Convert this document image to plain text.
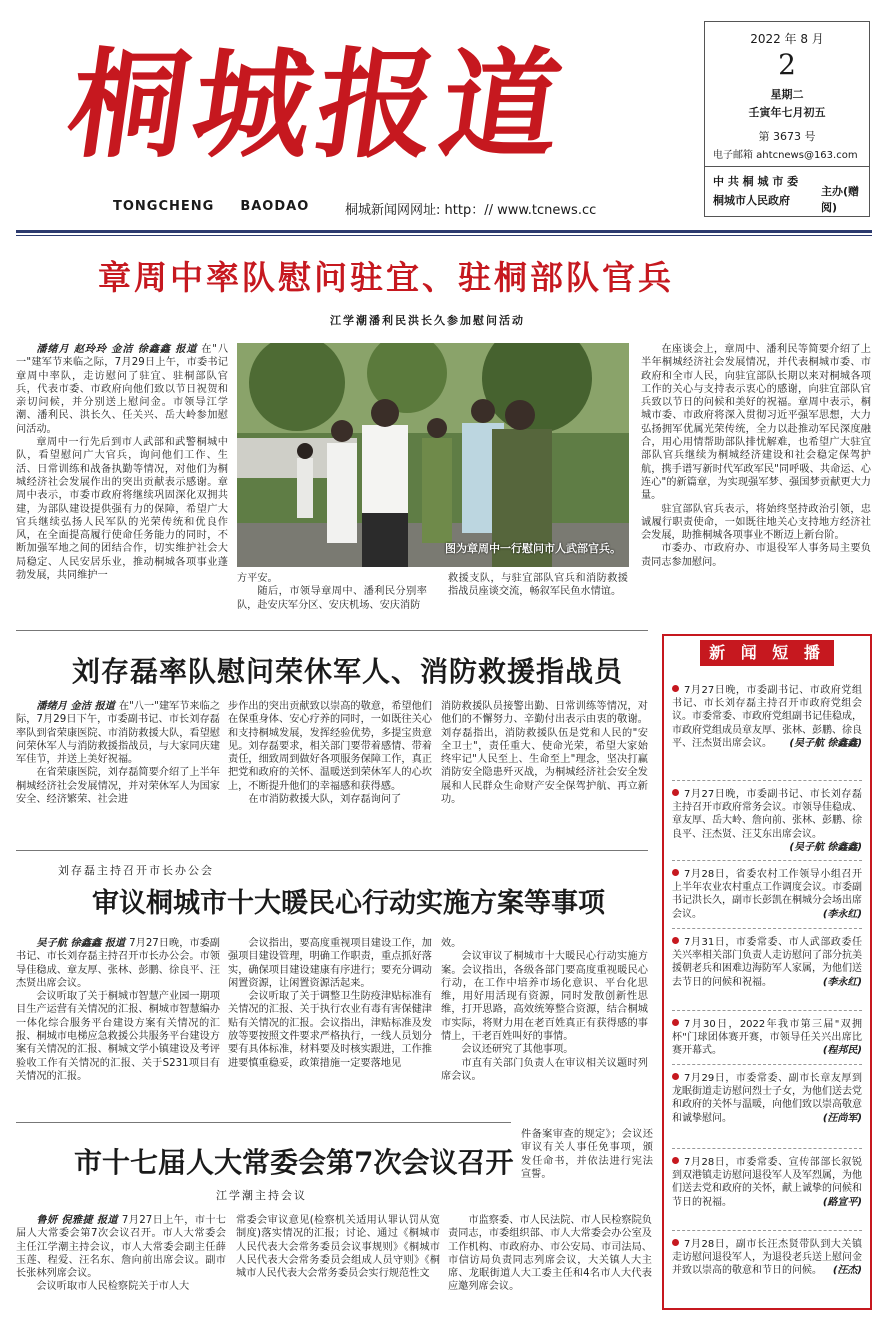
桐城报道
TONGCHENG BAODAO	桐城新闻网网址: http：// www.tcnews.cc
2022 年 8 月
2
星期二
壬寅年七月初五
第 3673 号
电子邮箱 ahtcnews@163.com
中 共 桐 城 市 委
桐城市人民政府
主办(赠阅)
章周中率队慰问驻宜、驻桐部队官兵
江学潮潘利民洪长久参加慰问活动

潘绪月 赵玲玲 金洁 徐鑫鑫 报道 在"八一"建军节来临之际，7月29日上午，市委书记章周中率队，走访慰问了驻宜、驻桐部队官兵，代表市委、市政府向他们致以节日祝贺和亲切问候，并分别送上慰问金。市领导江学潮、潘利民、洪长久、任关兴、岳大岭参加慰问活动。

章周中一行先后到市人武部和武警桐城中队，看望慰问广大官兵，询问他们工作、生活、日常训练和战备执勤等情况，对他们为桐城经济社会发展作出的突出贡献表示感谢。章周中表示，市委市政府将继续巩固深化双拥共建，为部队建设提供强有力的保障，希望广大官兵继续弘扬人民军队的光荣传统和优良作风，在全面提高履行使命任务能力的同时，不断加强军地之间的团结合作，切实维护社会大局稳定、人民安居乐业，推动桐城各项事业蓬勃发展，共同维护一

图为章周中一行慰问市人武部官兵。

方平安。

随后，市领导章周中、潘利民分别率队，赴安庆军分区、安庆机场、安庆消防

救援支队，与驻宜部队官兵和消防救援指战员座谈交流，畅叙军民鱼水情谊。

在座谈会上，章周中、潘利民等简要介绍了上半年桐城经济社会发展情况，并代表桐城市委、市政府和全市人民，向驻宜部队长期以来对桐城各项工作的关心与支持表示衷心的感谢，向驻宜部队官兵致以节日的问候和美好的祝福。章周中表示，桐城市委、市政府将深入贯彻习近平强军思想，大力弘扬拥军优属光荣传统，全力以赴推动军民深度融合，用心用情帮助部队排忧解难，也希望广大驻宜部队官兵继续为桐城经济建设和社会稳定保驾护航，携手谱写新时代军政军民"同呼吸、共命运、心连心"的新篇章，为实现强军梦、强国梦贡献更大力量。

驻宜部队官兵表示，将始终坚持政治引领，忠诚履行职责使命，一如既往地关心支持地方经济社会发展，助推桐城各项事业不断迈上新台阶。

市委办、市政府办、市退役军人事务局主要负责同志参加慰问。

刘存磊率队慰问荣休军人、消防救援指战员

潘绪月 金洁 报道 在"八一"建军节来临之际，7月29日下午，市委副书记、市长刘存磊率队到省荣康医院、市消防救援大队，看望慰问荣休军人与消防救援指战员，与大家同庆建军佳节，并送上美好祝福。

在省荣康医院，刘存磊简要介绍了上半年桐城经济社会发展情况，并对荣休军人为国家安全、经济繁荣、社会进

步作出的突出贡献致以崇高的敬意，希望他们在保重身体、安心疗养的同时，一如既往关心和支持桐城发展，发挥经验优势，多提宝贵意见。刘存磊要求，相关部门要带着感情、带着责任，细致周到做好各项服务保障工作，真正把党和政府的关怀、温暖送到荣休军人的心坎上，不断提升他们的幸福感和获得感。

在市消防救援大队，刘存磊询问了

消防救援队员接警出勤、日常训练等情况，对他们的不懈努力、辛勤付出表示由衷的敬谢。刘存磊指出，消防救援队伍是党和人民的"安全卫士"，责任重大、使命光荣，希望大家始终牢记"人民至上、生命至上"理念，坚决打赢消防安全隐患歼灭战，为桐城经济社会安全发展和人民群众生命财产安全保驾护航、再立新功。

刘存磊主持召开市长办公会
审议桐城市十大暖民心行动实施方案等事项

吴子航 徐鑫鑫 报道 7月27日晚，市委副书记、市长刘存磊主持召开市长办公会。市领导佳稳成、章友厚、张林、彭鹏、徐良平、汪杰贤出席会议。

会议听取了关于桐城市智慧产业园一期项目生产运营有关情况的汇报、桐城市智慧编办一体化综合服务平台建设方案有关情况的汇报、桐城市电梯应急救援公共服务平台建设方案有关情况的汇报、桐城文学小镇建设及考评验收工作有关情况的汇报、关于S231项目有关情况的汇报。

会议指出，要高度重视项目建设工作，加强项目建设管理，明确工作职责，重点抓好落实，确保项目建设建康有序进行；要充分调动闲置资源，让闲置资源活起来。

会议听取了关于调整卫生防疫津贴标准有关情况的汇报、关于执行农业有毒有害保健津贴有关情况的汇报。会议指出，津贴标准及发放等要按照文件要求严格执行，一线人员划分要有具体标准，材料要及时核实跟进，工作推进要慎重稳妥，政策措施一定要落地见

效。

会议审议了桐城市十大暖民心行动实施方案。会议指出，各级各部门要高度重视暖民心行动，在工作中培养市场化意识、平台化思维，用好用活现有资源，同时发散创新性思维，打开思路，高效统筹整合资源，结合桐城市实际，将财力用在老百姓真正有获得感的事情上，干老百姓叫好的事情。

会议还研究了其他事项。

市直有关部门负责人在审议相关议题时列席会议。

市十七届人大常委会第7次会议召开
江学潮主持会议

鲁妍 倪雅捷 报道 7月27日上午，市十七届人大常委会第7次会议召开。市人大常委会主任江学潮主持会议，市人大常委会副主任薛玉莲、程爱、汪名东、詹向前出席会议。副市长张林列席会议。

会议听取市人民检察院关于市人大

常委会审议意见(检察机关适用认罪认罚从宽制度)落实情况的汇报；讨论、通过《桐城市人民代表大会常务委员会议事规则》《桐城市人民代表大会常务委员会组成人员守则》《桐城市人民代表大会常务委员会实行规范性文

件备案审查的规定》；会议还审议有关人事任免事项，颁发任命书，并依法进行宪法宣誓。

市监察委、市人民法院、市人民检察院负责同志，市委组织部、市人大常委会办公室及工作机构、市政府办、市公安局、市司法局、市信访局负责同志列席会议，大关镇人大主席、龙眠街道人大工委主任和4名市人大代表应邀列席会议。

新 闻 短 播
7月27日晚，市委副书记、市政府党组书记、市长刘存磊主持召开市政府党组会议。市委常委、市政府党组副书记佳稳成，市政府党组成员章友厚、张林、彭鹏、徐良平、汪杰贤出席会议。 (吴子航 徐鑫鑫)
7月27日晚，市委副书记、市长刘存磊主持召开市政府常务会议。市领导佳稳成、章友厚、岳大岭、詹向前、张林、彭鹏、徐良平、汪杰贤、汪艾东出席会议。
(吴子航 徐鑫鑫)
7月28日，省委农村工作领导小组召开上半年农业农村重点工作调度会议。市委副书记洪长久，副市长彭凯在桐城分会场出席会议。	(李永红)
7月31日，市委常委、市人武部政委任关兴率相关部门负责人走访慰问了部分抗美援朝老兵和困难边海防军人家属，为他们送去节日的问候和祝福。	(李永红)
7月30日，2022年我市第三届"双拥杯"门球团体赛开赛，市领导任关兴出席比赛开幕式。	(程邦民)
7月29日，市委常委、副市长章友厚到龙眠街道走访慰问烈士子女，为他们送去党和政府的关怀与温暖，向他们致以崇高敬意和诚挚慰问。	(汪尚军)
7月28日，市委常委、宣传部部长叙锐到双港镇走访慰问退役军人及军烈属，为他们送去党和政府的关怀，献上诚挚的问候和节日的祝福。	(路宣平)
7月28日，副市长汪杰贤带队到大关镇走访慰问退役军人，为退役老兵送上慰问金并致以崇高的敬意和节日的问候。 (汪杰)
